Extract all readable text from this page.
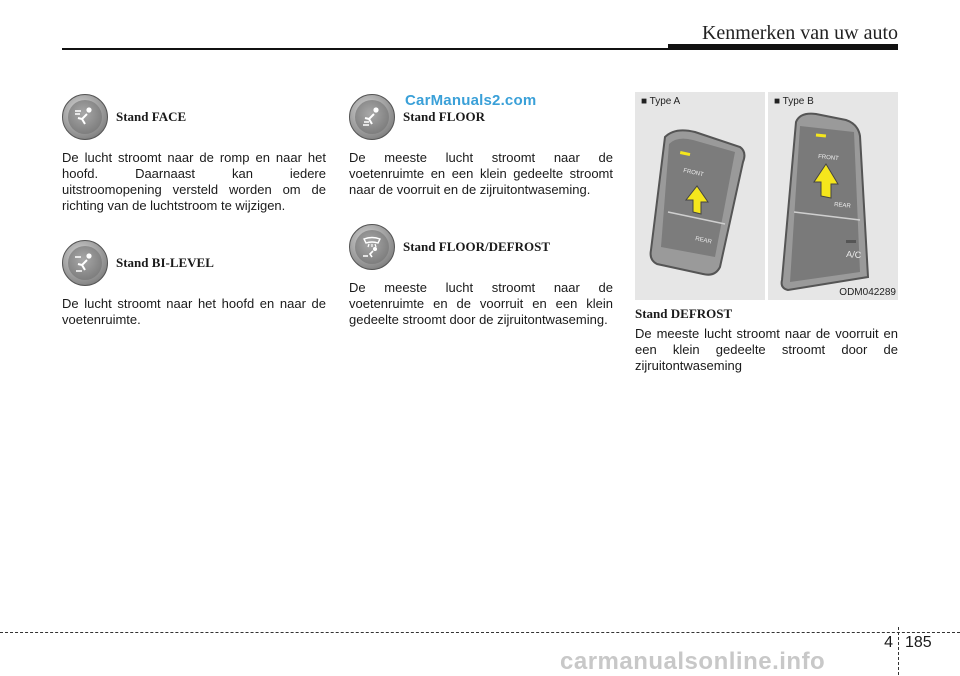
Kenmerken van uw auto
CarManuals2.com
Stand FACE

De lucht stroomt naar de romp en naar het hoofd. Daarnaast kan iedere uitstroomopening versteld worden om de richting van de luchtstroom te wijzigen.

Stand BI-LEVEL

De lucht stroomt naar het hoofd en naar de voetenruimte.

Stand FLOOR

De meeste lucht stroomt naar de voetenruimte en een klein gedeelte stroomt naar de voorruit en de zijruitontwaseming.

Stand FLOOR/DEFROST

De meeste lucht stroomt naar de voetenruimte en de voorruit en een klein gedeelte stroomt door de zijruitontwaseming.

■ Type A
FRONT
REAR
■ Type B
FRONT
REAR
A/C
ODM042289

Stand DEFROST

De meeste lucht stroomt naar de voorruit en een klein gedeelte stroomt door de zijruitontwaseming

4 185
carmanualsonline.info
